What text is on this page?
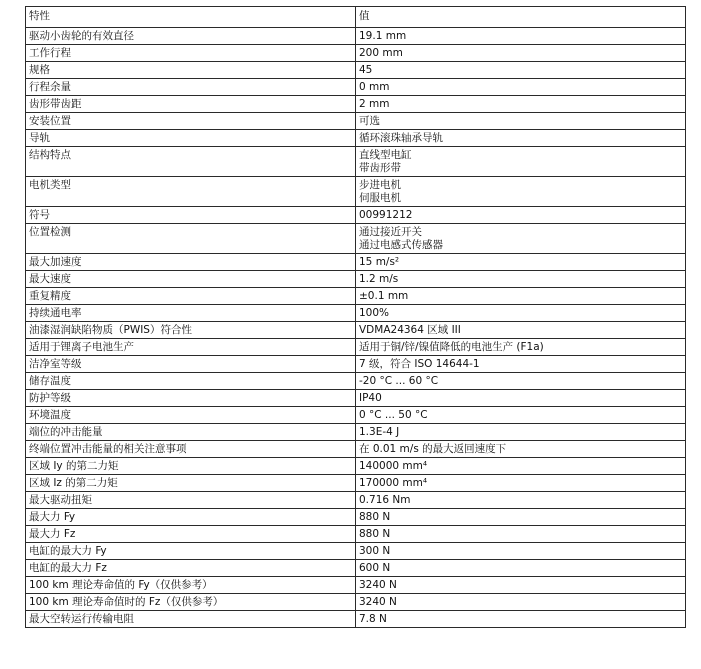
特性	值
驱动小齿轮的有效直径	19.1 mm
工作行程	200 mm
规格	45
行程余量	0 mm
齿形带齿距	2 mm
安装位置	可选
导轨	循环滚珠轴承导轨
结构特点	直线型电缸
带齿形带
电机类型	步进电机
伺服电机
符号	00991212
位置检测	通过接近开关
通过电感式传感器
最大加速度	15 m/s²
最大速度	1.2 m/s
重复精度	±0.1 mm
持续通电率	100%
油漆湿润缺陷物质（PWIS）符合性	VDMA24364 区域 III
适用于锂离子电池生产	适用于铜/锌/镍值降低的电池生产 (F1a)
洁净室等级	7 级，符合 ISO 14644-1
储存温度	-20 °C ... 60 °C
防护等级	IP40
环境温度	0 °C ... 50 °C
端位的冲击能量	1.3E-4 J
终端位置冲击能量的相关注意事项	在 0.01 m/s 的最大返回速度下
区域 Iy 的第二力矩	140000 mm⁴
区域 Iz 的第二力矩	170000 mm⁴
最大驱动扭矩	0.716 Nm
最大力 Fy	880 N
最大力 Fz	880 N
电缸的最大力 Fy	300 N
电缸的最大力 Fz	600 N
100 km 理论寿命值的 Fy（仅供参考）	3240 N
100 km 理论寿命值时的 Fz（仅供参考）	3240 N
最大空转运行传输电阻	7.8 N
